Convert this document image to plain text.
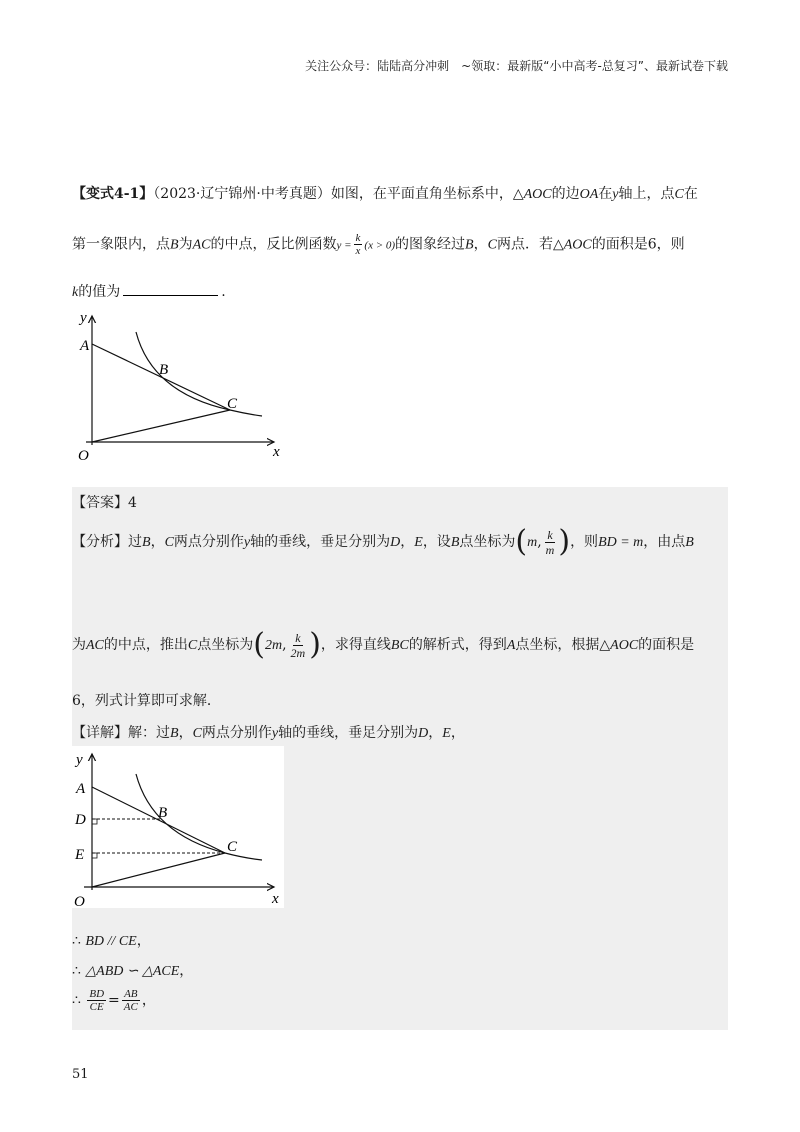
关注公众号：陆陆高分冲刺　~领取：最新版“小中高考-总复习”、最新试卷下载
【变式4-1】（2023·辽宁锦州·中考真题）如图，在平面直角坐标系中，△AOC的边OA在y轴上，点C在
第一象限内，点B为AC的中点，反比例函数$y = \frac{k}{x} (x > 0)$的图象经过B，C两点．若△AOC的面积是6，则
k的值为	.
y
A
B
C
O	x
【答案】4
【分析】过B，C两点分别作y轴的垂线，垂足分别为D，E，设B点坐标为(m, $\frac{k}{m}$ )，则BD = m，由点B
为AC的中点，推出C点坐标为(2m, $\frac{k}{2m}$ )，求得直线BC的解析式，得到A点坐标，根据△AOC的面积是
6，列式计算即可求解．
【详解】解：过B，C两点分别作y轴的垂线，垂足分别为D，E，
y
A
B
C
D
E
O	x
∴ BD // CE，
∴ △ABD ∽ △ACE，
∴ $\frac{BD}{CE} = \frac{AB}{AC}$ ，
51
